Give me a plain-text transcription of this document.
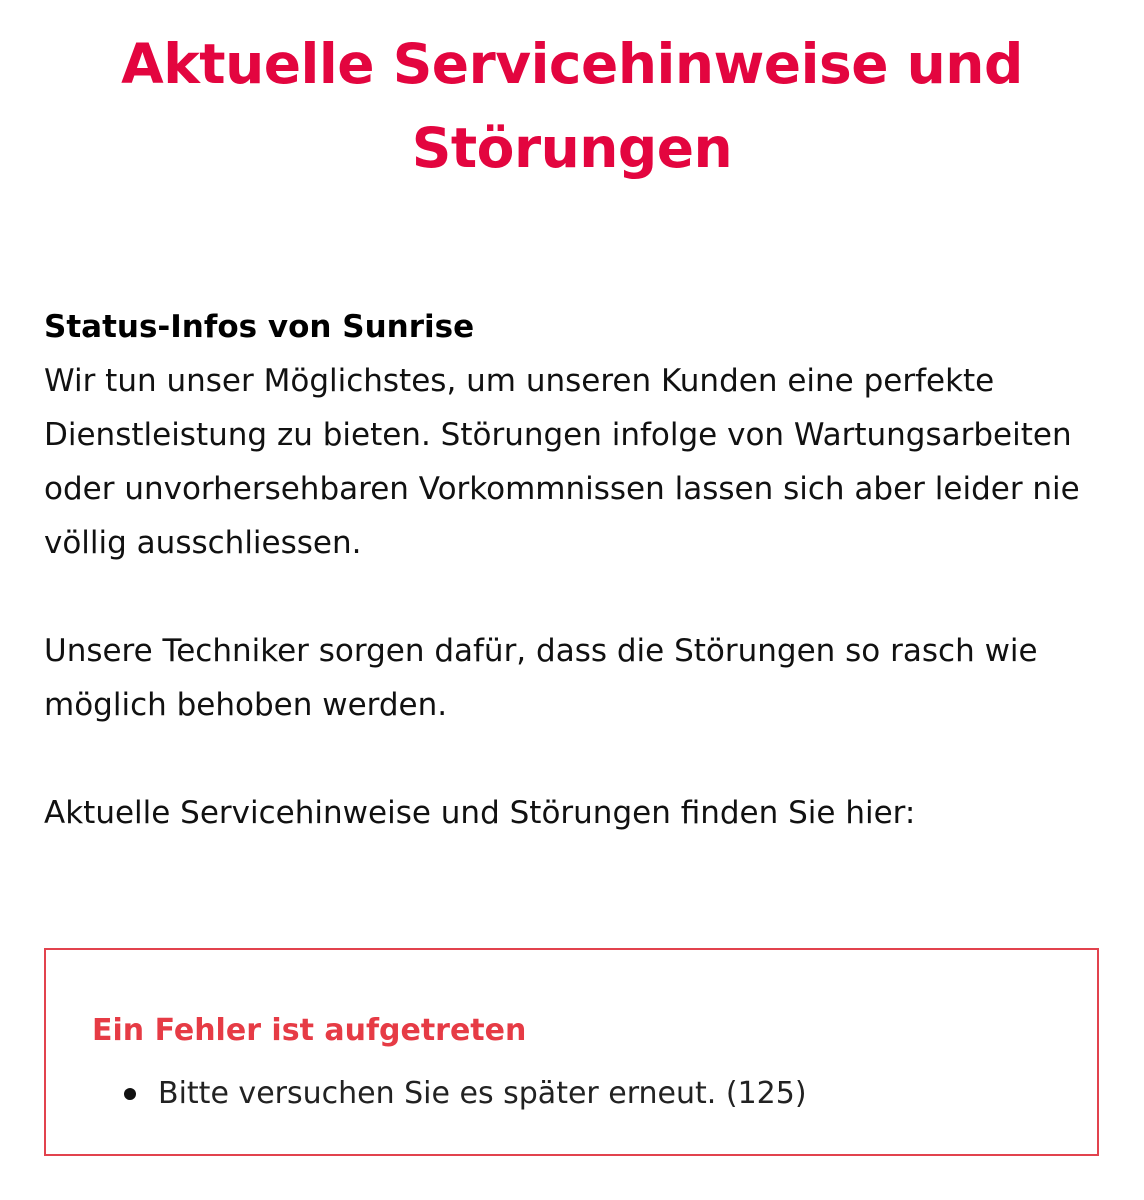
Aktuelle Servicehinweise und
Störungen
Status-Infos von Sunrise

Wir tun unser Möglichstes, um unseren Kunden eine perfekte Dienstleistung zu bieten. Störungen infolge von Wartungsarbeiten oder unvorhersehbaren Vorkommnissen lassen sich aber leider nie völlig ausschliessen.

Unsere Techniker sorgen dafür, dass die Störungen so rasch wie möglich behoben werden.

Aktuelle Servicehinweise und Störungen finden Sie hier:

Ein Fehler ist aufgetreten
Bitte versuchen Sie es später erneut. (125)
